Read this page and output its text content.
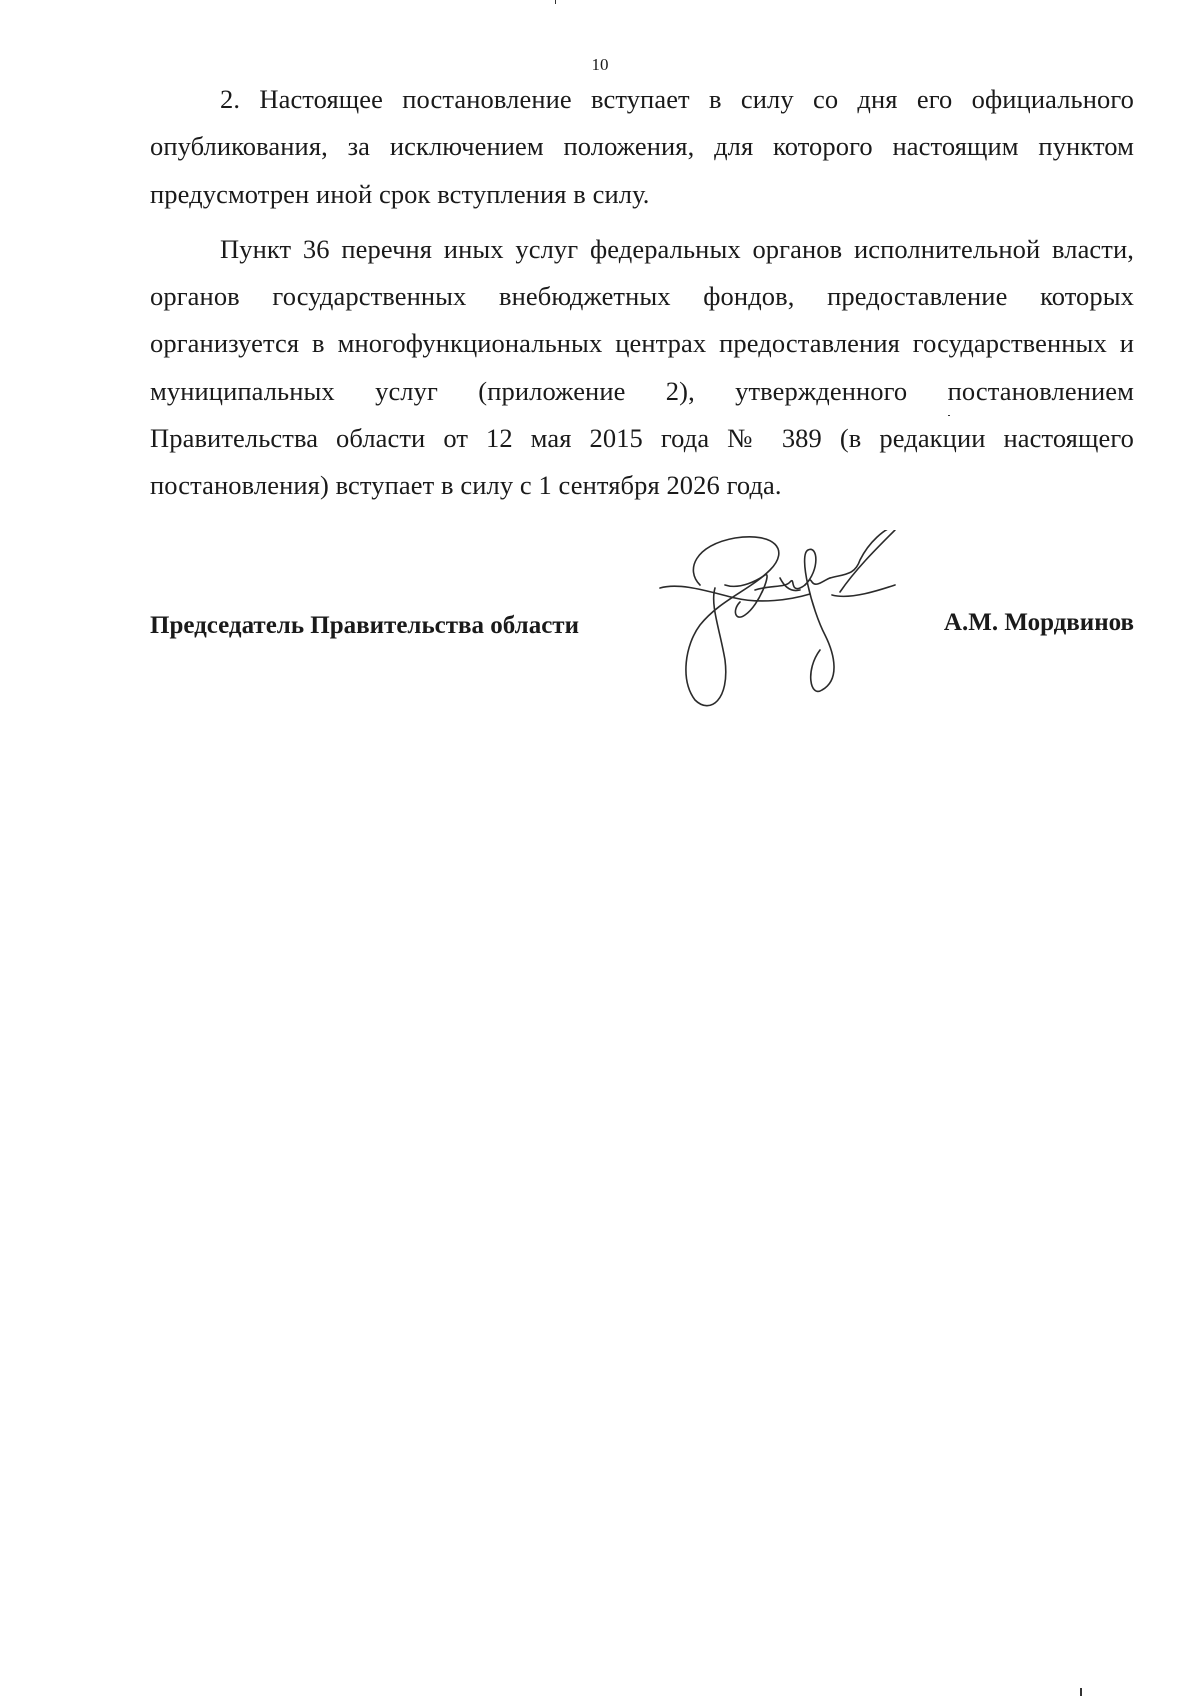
10

2. Настоящее постановление вступает в силу со дня его официального опубликования, за исключением положения, для которого настоящим пунктом предусмотрен иной срок вступления в силу.

Пункт 36 перечня иных услуг федеральных органов исполнительной власти, органов государственных внебюджетных фондов, предоставление которых организуется в многофункциональных центрах предоставления государственных и муниципальных услуг (приложение 2), утвержденного постановлением Правительства области от 12 мая 2015 года № 389 (в редакции настоящего постановления) вступает в силу с 1 сентября 2026 года.

Председатель Правительства области	А.М. Мордвинов
